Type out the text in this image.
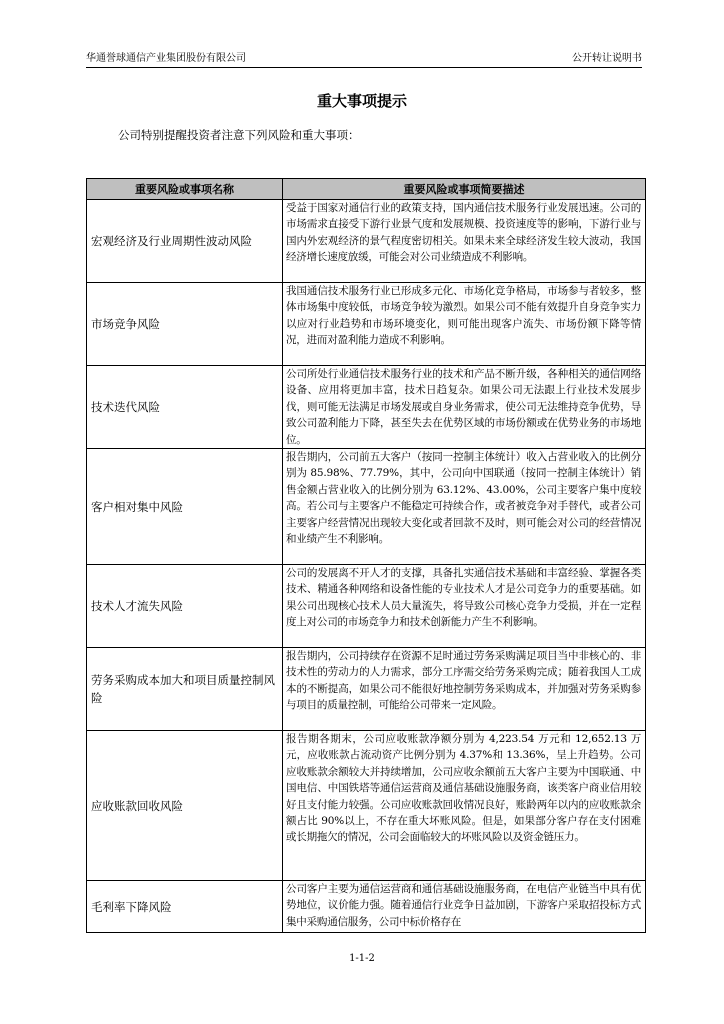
华通誉球通信产业集团股份有限公司	公开转让说明书
重大事项提示
公司特别提醒投资者注意下列风险和重大事项：
重要风险或事项名称	重要风险或事项简要描述
宏观经济及行业周期性波动风险	受益于国家对通信行业的政策支持，国内通信技术服务行业发展迅速。公司的市场需求直接受下游行业景气度和发展规模、投资速度等的影响，下游行业与国内外宏观经济的景气程度密切相关。如果未来全球经济发生较大波动，我国经济增长速度放缓，可能会对公司业绩造成不利影响。
市场竞争风险	我国通信技术服务行业已形成多元化、市场化竞争格局，市场参与者较多，整体市场集中度较低，市场竞争较为激烈。如果公司不能有效提升自身竞争实力以应对行业趋势和市场环境变化，则可能出现客户流失、市场份额下降等情况，进而对盈利能力造成不利影响。
技术迭代风险	公司所处行业通信技术服务行业的技术和产品不断升级，各种相关的通信网络设备、应用将更加丰富，技术日趋复杂。如果公司无法跟上行业技术发展步伐，则可能无法满足市场发展或自身业务需求，使公司无法维持竞争优势，导致公司盈利能力下降，甚至失去在优势区域的市场份额或在优势业务的市场地位。
客户相对集中风险	报告期内，公司前五大客户（按同一控制主体统计）收入占营业收入的比例分别为 85.98%、77.79%，其中，公司向中国联通（按同一控制主体统计）销售金额占营业收入的比例分别为 63.12%、43.00%，公司主要客户集中度较高。若公司与主要客户不能稳定可持续合作，或者被竞争对手替代，或者公司主要客户经营情况出现较大变化或者回款不及时，则可能会对公司的经营情况和业绩产生不利影响。
技术人才流失风险	公司的发展离不开人才的支撑，具备扎实通信技术基础和丰富经验、掌握各类技术、精通各种网络和设备性能的专业技术人才是公司竞争力的重要基础。如果公司出现核心技术人员大量流失，将导致公司核心竞争力受损，并在一定程度上对公司的市场竞争力和技术创新能力产生不利影响。
劳务采购成本加大和项目质量控制风险	报告期内，公司持续存在资源不足时通过劳务采购满足项目当中非核心的、非技术性的劳动力的人力需求，部分工序需交给劳务采购完成；随着我国人工成本的不断提高，如果公司不能很好地控制劳务采购成本，并加强对劳务采购参与项目的质量控制，可能给公司带来一定风险。
应收账款回收风险	报告期各期末，公司应收账款净额分别为 4,223.54 万元和 12,652.13 万元，应收账款占流动资产比例分别为 4.37%和 13.36%，呈上升趋势。公司应收账款余额较大并持续增加，公司应收余额前五大客户主要为中国联通、中国电信、中国铁塔等通信运营商及通信基础设施服务商，该类客户商业信用较好且支付能力较强。公司应收账款回收情况良好，账龄两年以内的应收账款余额占比 90%以上，不存在重大坏账风险。但是，如果部分客户存在支付困难或长期拖欠的情况，公司会面临较大的坏账风险以及资金链压力。
毛利率下降风险	公司客户主要为通信运营商和通信基础设施服务商，在电信产业链当中具有优势地位，议价能力强。随着通信行业竞争日益加剧，下游客户采取招投标方式集中采购通信服务，公司中标价格存在
1-1-2
